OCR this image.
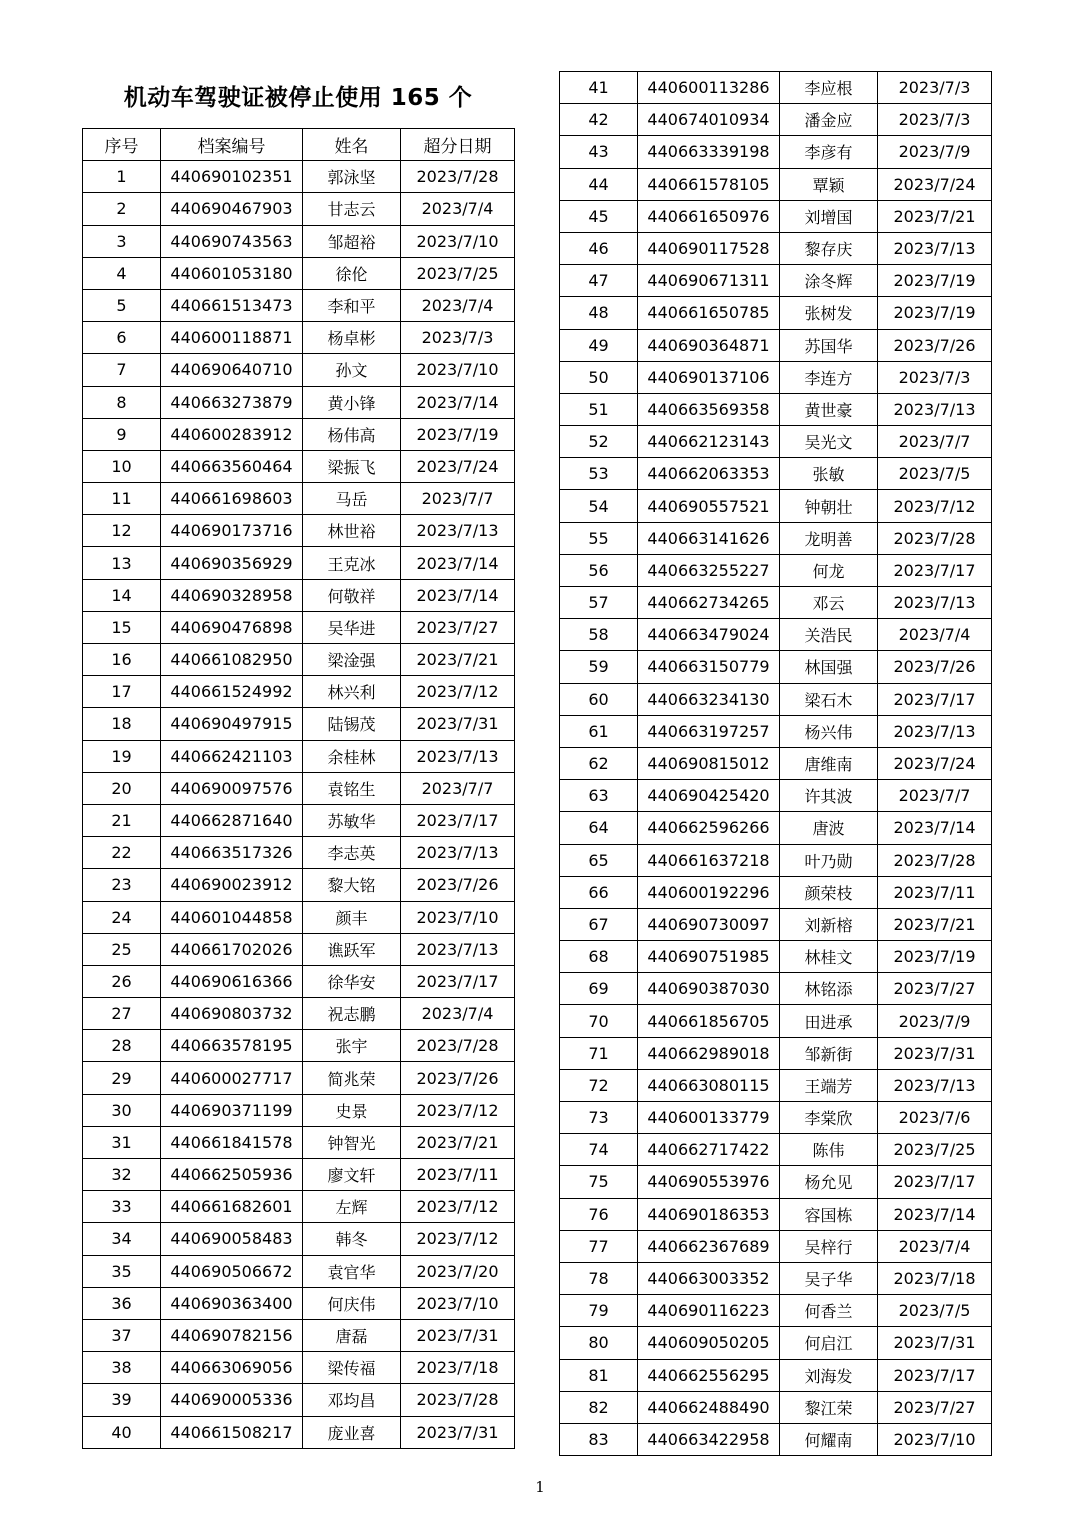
机动车驾驶证被停止使用 165 个
序号	档案编号	姓名	超分日期
1	440690102351	郭泳坚	2023/7/28
2	440690467903	甘志云	2023/7/4
3	440690743563	邹超裕	2023/7/10
4	440601053180	徐伦	2023/7/25
5	440661513473	李和平	2023/7/4
6	440600118871	杨卓彬	2023/7/3
7	440690640710	孙文	2023/7/10
8	440663273879	黄小锋	2023/7/14
9	440600283912	杨伟高	2023/7/19
10	440663560464	梁振飞	2023/7/24
11	440661698603	马岳	2023/7/7
12	440690173716	林世裕	2023/7/13
13	440690356929	王克冰	2023/7/14
14	440690328958	何敬祥	2023/7/14
15	440690476898	吴华进	2023/7/27
16	440661082950	梁淦强	2023/7/21
17	440661524992	林兴利	2023/7/12
18	440690497915	陆锡茂	2023/7/31
19	440662421103	余桂林	2023/7/13
20	440690097576	袁铭生	2023/7/7
21	440662871640	苏敏华	2023/7/17
22	440663517326	李志英	2023/7/13
23	440690023912	黎大铭	2023/7/26
24	440601044858	颜丰	2023/7/10
25	440661702026	谯跃军	2023/7/13
26	440690616366	徐华安	2023/7/17
27	440690803732	祝志鹏	2023/7/4
28	440663578195	张宇	2023/7/28
29	440600027717	简兆荣	2023/7/26
30	440690371199	史景	2023/7/12
31	440661841578	钟智光	2023/7/21
32	440662505936	廖文轩	2023/7/11
33	440661682601	左辉	2023/7/12
34	440690058483	韩冬	2023/7/12
35	440690506672	袁官华	2023/7/20
36	440690363400	何庆伟	2023/7/10
37	440690782156	唐磊	2023/7/31
38	440663069056	梁传福	2023/7/18
39	440690005336	邓均昌	2023/7/28
40	440661508217	庞业喜	2023/7/31
41	440600113286	李应根	2023/7/3
42	440674010934	潘金应	2023/7/3
43	440663339198	李彦有	2023/7/9
44	440661578105	覃颖	2023/7/24
45	440661650976	刘增国	2023/7/21
46	440690117528	黎存庆	2023/7/13
47	440690671311	涂冬辉	2023/7/19
48	440661650785	张树发	2023/7/19
49	440690364871	苏国华	2023/7/26
50	440690137106	李连方	2023/7/3
51	440663569358	黄世豪	2023/7/13
52	440662123143	吴光文	2023/7/7
53	440662063353	张敏	2023/7/5
54	440690557521	钟朝壮	2023/7/12
55	440663141626	龙明善	2023/7/28
56	440663255227	何龙	2023/7/17
57	440662734265	邓云	2023/7/13
58	440663479024	关浩民	2023/7/4
59	440663150779	林国强	2023/7/26
60	440663234130	梁石木	2023/7/17
61	440663197257	杨兴伟	2023/7/13
62	440690815012	唐维南	2023/7/24
63	440690425420	许其波	2023/7/7
64	440662596266	唐波	2023/7/14
65	440661637218	叶乃勋	2023/7/28
66	440600192296	颜荣枝	2023/7/11
67	440690730097	刘新榕	2023/7/21
68	440690751985	林桂文	2023/7/19
69	440690387030	林铭添	2023/7/27
70	440661856705	田进承	2023/7/9
71	440662989018	邹新街	2023/7/31
72	440663080115	王端芳	2023/7/13
73	440600133779	李棠欣	2023/7/6
74	440662717422	陈伟	2023/7/25
75	440690553976	杨允见	2023/7/17
76	440690186353	容国栋	2023/7/14
77	440662367689	吴梓行	2023/7/4
78	440663003352	吴子华	2023/7/18
79	440690116223	何香兰	2023/7/5
80	440609050205	何启江	2023/7/31
81	440662556295	刘海发	2023/7/17
82	440662488490	黎江荣	2023/7/27
83	440663422958	何耀南	2023/7/10
1
